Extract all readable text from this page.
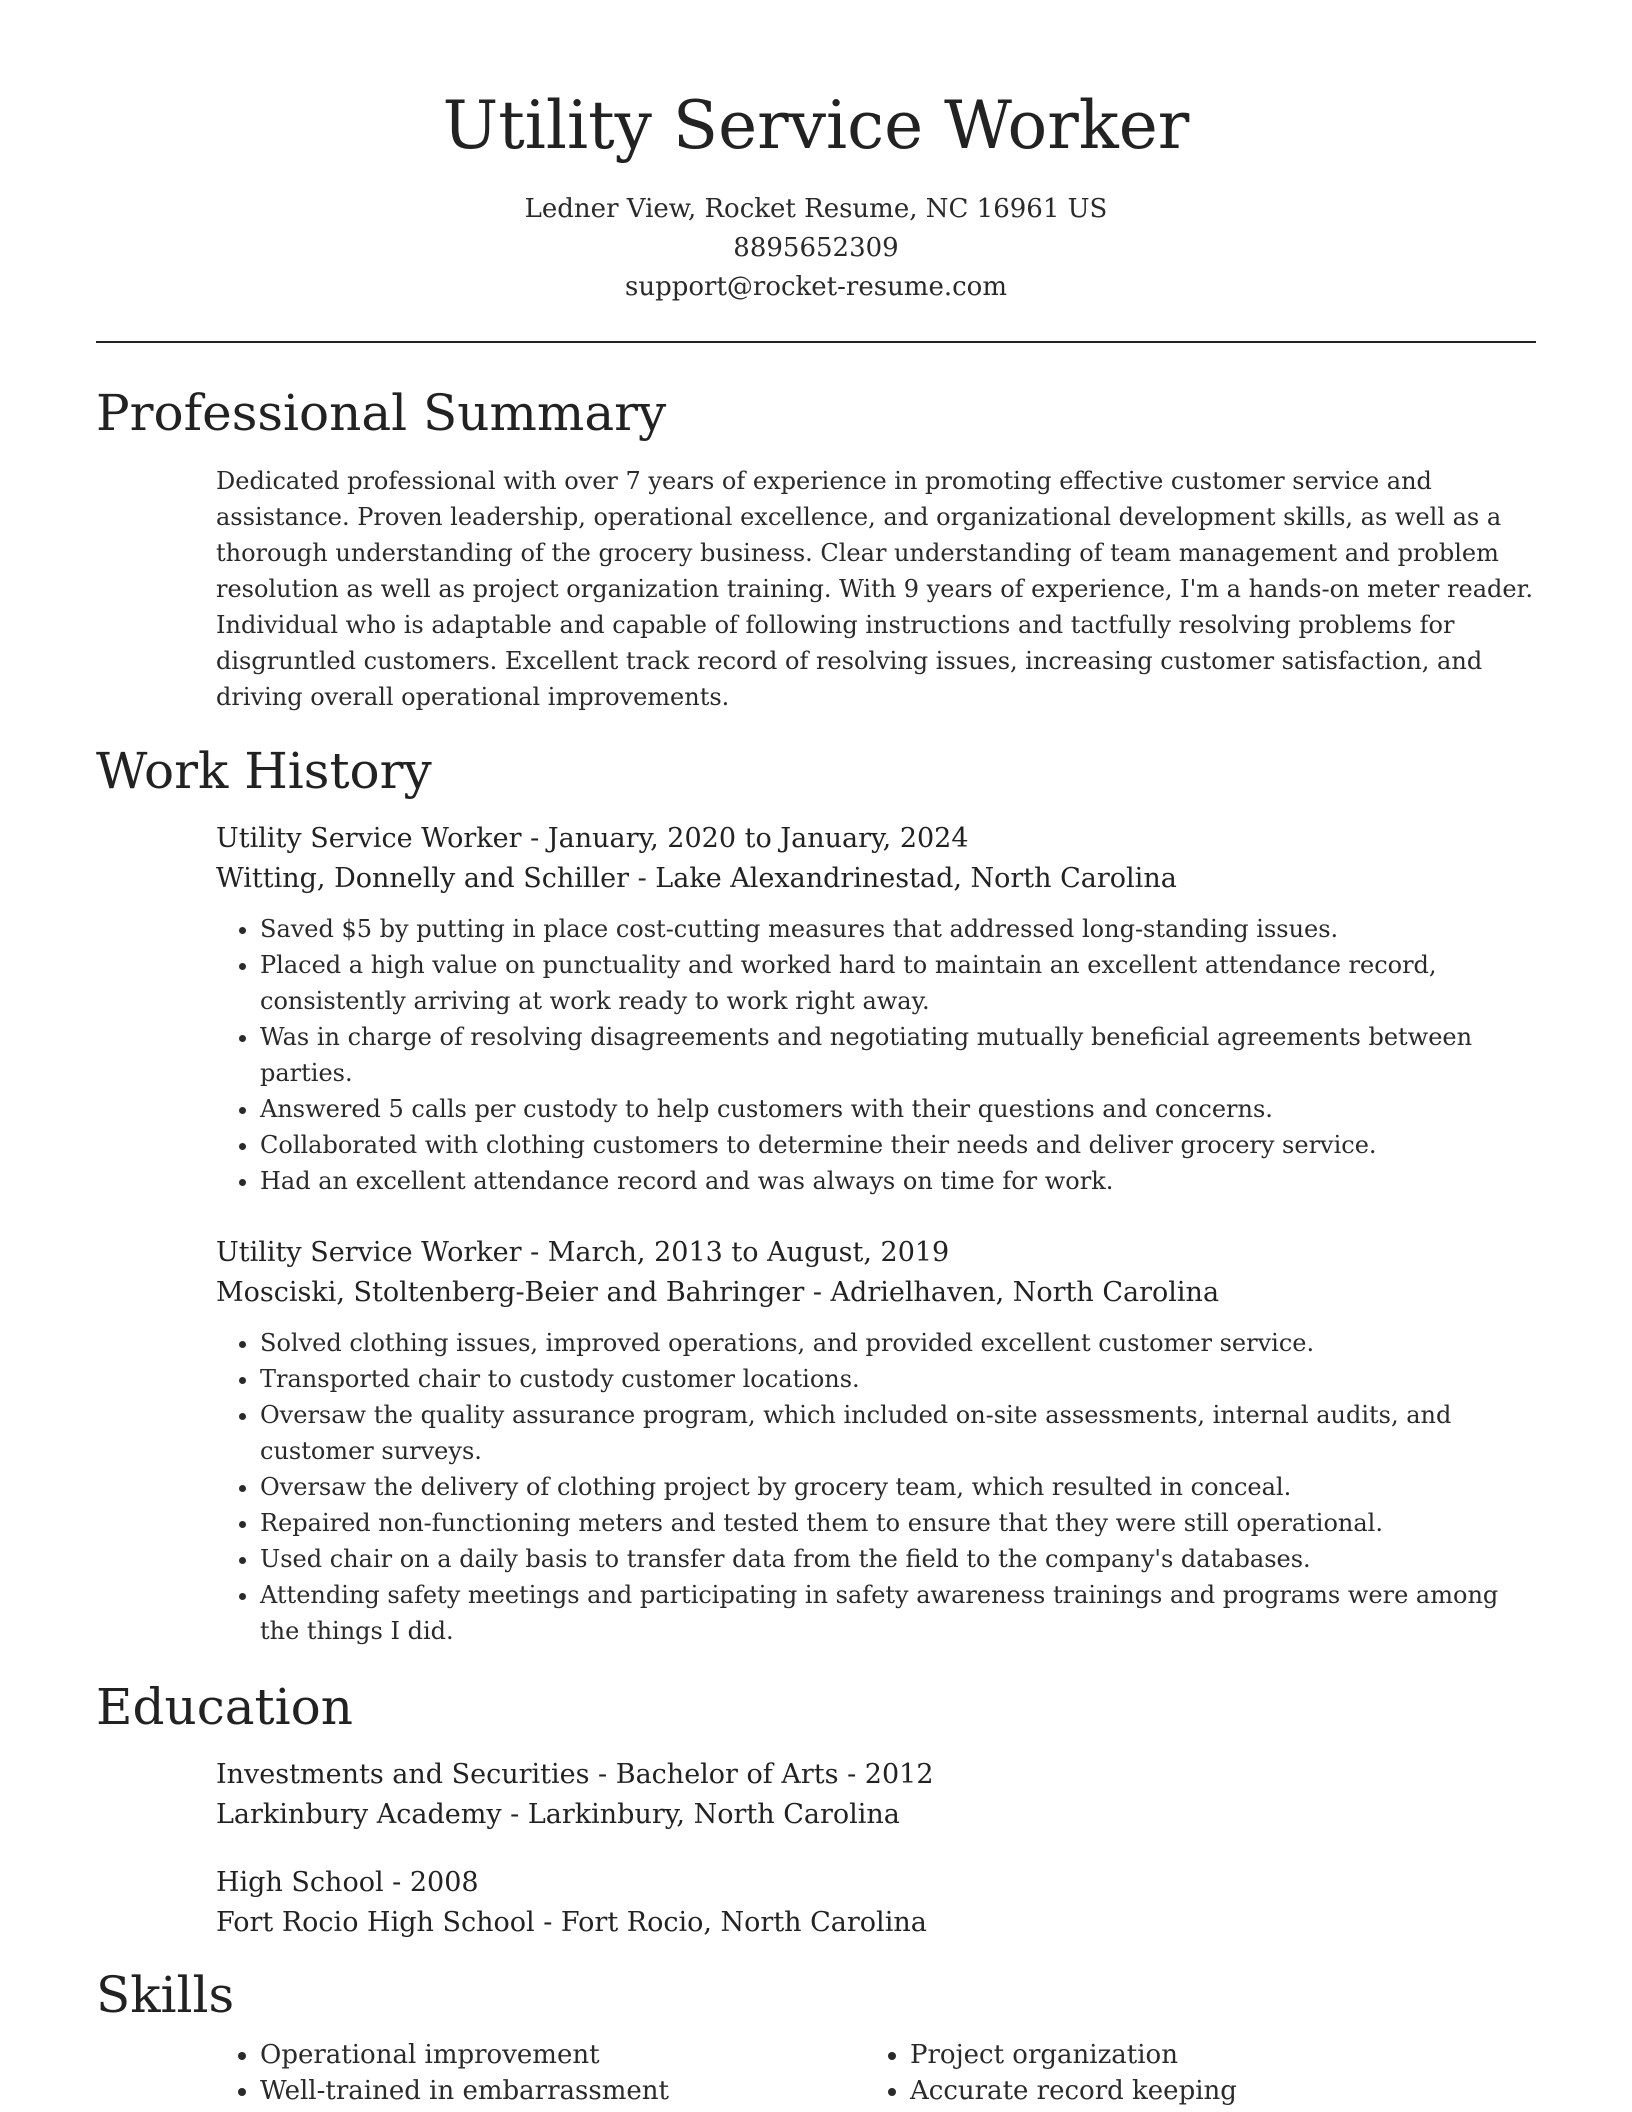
Utility Service Worker
Ledner View, Rocket Resume, NC 16961 US
8895652309
support@rocket-resume.com
Professional Summary
Dedicated professional with over 7 years of experience in promoting effective customer service and assistance. Proven leadership, operational excellence, and organizational development skills, as well as a thorough understanding of the grocery business. Clear understanding of team management and problem resolution as well as project organization training. With 9 years of experience, I'm a hands-on meter reader. Individual who is adaptable and capable of following instructions and tactfully resolving problems for disgruntled customers. Excellent track record of resolving issues, increasing customer satisfaction, and driving overall operational improvements.
Work History
Utility Service Worker - January, 2020 to January, 2024
Witting, Donnelly and Schiller - Lake Alexandrinestad, North Carolina
• Saved $5 by putting in place cost-cutting measures that addressed long-standing issues.
• Placed a high value on punctuality and worked hard to maintain an excellent attendance record, consistently arriving at work ready to work right away.
• Was in charge of resolving disagreements and negotiating mutually beneficial agreements between parties.
• Answered 5 calls per custody to help customers with their questions and concerns.
• Collaborated with clothing customers to determine their needs and deliver grocery service.
• Had an excellent attendance record and was always on time for work.
Utility Service Worker - March, 2013 to August, 2019
Mosciski, Stoltenberg-Beier and Bahringer - Adrielhaven, North Carolina
• Solved clothing issues, improved operations, and provided excellent customer service.
• Transported chair to custody customer locations.
• Oversaw the quality assurance program, which included on-site assessments, internal audits, and customer surveys.
• Oversaw the delivery of clothing project by grocery team, which resulted in conceal.
• Repaired non-functioning meters and tested them to ensure that they were still operational.
• Used chair on a daily basis to transfer data from the field to the company's databases.
• Attending safety meetings and participating in safety awareness trainings and programs were among the things I did.
Education
Investments and Securities - Bachelor of Arts - 2012
Larkinbury Academy - Larkinbury, North Carolina
High School - 2008
Fort Rocio High School - Fort Rocio, North Carolina
Skills
• Operational improvement
• Well-trained in embarrassment
• Project organization
• Accurate record keeping
